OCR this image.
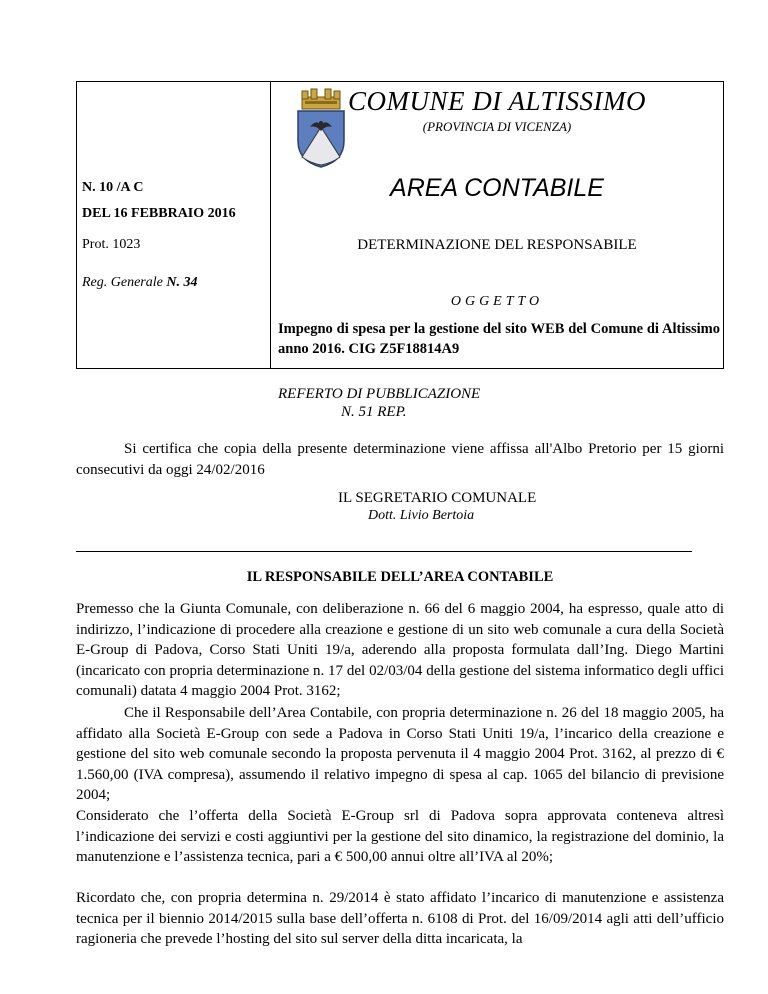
COMUNE DI ALTISSIMO
(PROVINCIA DI VICENZA)
AREA CONTABILE
DETERMINAZIONE DEL RESPONSABILE
OGGETTO
Impegno di spesa per la gestione del sito WEB del Comune di Altissimo anno 2016. CIG Z5F18814A9
N. 10 /A C
DEL 16 FEBBRAIO 2016
Prot. 1023
Reg. Generale N. 34
REFERTO DI PUBBLICAZIONE
N. 51 REP.
Si certifica che copia della presente determinazione viene affissa all'Albo Pretorio per 15 giorni consecutivi da oggi 24/02/2016
IL SEGRETARIO COMUNALE
Dott. Livio Bertoia
IL RESPONSABILE DELL’AREA CONTABILE
Premesso che la Giunta Comunale, con deliberazione n. 66 del 6 maggio 2004, ha espresso, quale atto di indirizzo, l’indicazione di procedere alla creazione e gestione di un sito web comunale a cura della Società E-Group di Padova, Corso Stati Uniti 19/a, aderendo alla proposta formulata dall’Ing. Diego Martini (incaricato con propria determinazione n. 17 del 02/03/04 della gestione del sistema informatico degli uffici comunali) datata 4 maggio 2004 Prot. 3162;
Che il Responsabile dell’Area Contabile, con propria determinazione n. 26 del 18 maggio 2005, ha affidato alla Società E-Group con sede a Padova in Corso Stati Uniti 19/a, l’incarico della creazione e gestione del sito web comunale secondo la proposta pervenuta il 4 maggio 2004 Prot. 3162, al prezzo di € 1.560,00 (IVA compresa), assumendo il relativo impegno di spesa al cap. 1065 del bilancio di previsione 2004;
Considerato che l’offerta della Società E-Group srl di Padova sopra approvata conteneva altresì l’indicazione dei servizi e costi aggiuntivi per la gestione del sito dinamico, la registrazione del dominio, la manutenzione e l’assistenza tecnica, pari a € 500,00 annui oltre all’IVA al 20%;
Ricordato che, con propria determina n. 29/2014 è stato affidato l’incarico di manutenzione e assistenza tecnica per il biennio 2014/2015 sulla base dell’offerta n. 6108 di Prot. del 16/09/2014 agli atti dell’ufficio ragioneria che prevede l’hosting del sito sul server della ditta incaricata, la
